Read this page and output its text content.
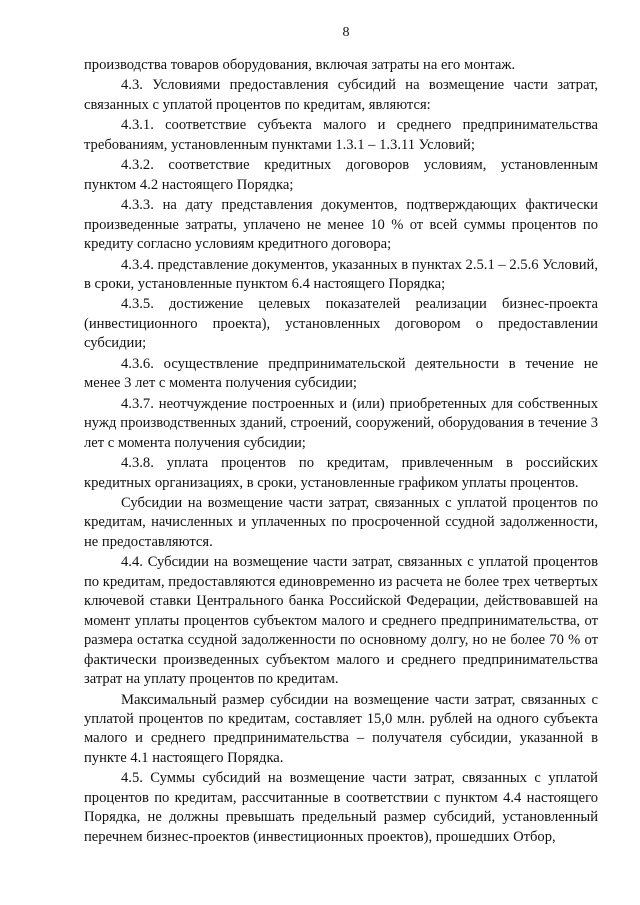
8

производства товаров оборудования, включая затраты на его монтаж.

4.3. Условиями предоставления субсидий на возмещение части затрат, связанных с уплатой процентов по кредитам, являются:

4.3.1. соответствие субъекта малого и среднего предпринимательства требованиям, установленным пунктами 1.3.1 – 1.3.11 Условий;

4.3.2. соответствие кредитных договоров условиям, установленным пунктом 4.2 настоящего Порядка;

4.3.3. на дату представления документов, подтверждающих фактически произведенные затраты, уплачено не менее 10 % от всей суммы процентов по кредиту согласно условиям кредитного договора;

4.3.4. представление документов, указанных в пунктах 2.5.1 – 2.5.6 Условий, в сроки, установленные пунктом 6.4 настоящего Порядка;

4.3.5. достижение целевых показателей реализации бизнес-проекта (инвестиционного проекта), установленных договором о предоставлении субсидии;

4.3.6. осуществление предпринимательской деятельности в течение не менее 3 лет с момента получения субсидии;

4.3.7. неотчуждение построенных и (или) приобретенных для собственных нужд производственных зданий, строений, сооружений, оборудования в течение 3 лет с момента получения субсидии;

4.3.8. уплата процентов по кредитам, привлеченным в российских кредитных организациях, в сроки, установленные графиком уплаты процентов.

Субсидии на возмещение части затрат, связанных с уплатой процентов по кредитам, начисленных и уплаченных по просроченной ссудной задолженности, не предоставляются.

4.4. Субсидии на возмещение части затрат, связанных с уплатой процентов по кредитам, предоставляются единовременно из расчета не более трех четвертых ключевой ставки Центрального банка Российской Федерации, действовавшей на момент уплаты процентов субъектом малого и среднего предпринимательства, от размера остатка ссудной задолженности по основному долгу, но не более 70 % от фактически произведенных субъектом малого и среднего предпринимательства затрат на уплату процентов по кредитам.

Максимальный размер субсидии на возмещение части затрат, связанных с уплатой процентов по кредитам, составляет 15,0 млн. рублей на одного субъекта малого и среднего предпринимательства – получателя субсидии, указанной в пункте 4.1 настоящего Порядка.

4.5. Суммы субсидий на возмещение части затрат, связанных с уплатой процентов по кредитам, рассчитанные в соответствии с пунктом 4.4 настоящего Порядка, не должны превышать предельный размер субсидий, установленный перечнем бизнес-проектов (инвестиционных проектов), прошедших Отбор,
